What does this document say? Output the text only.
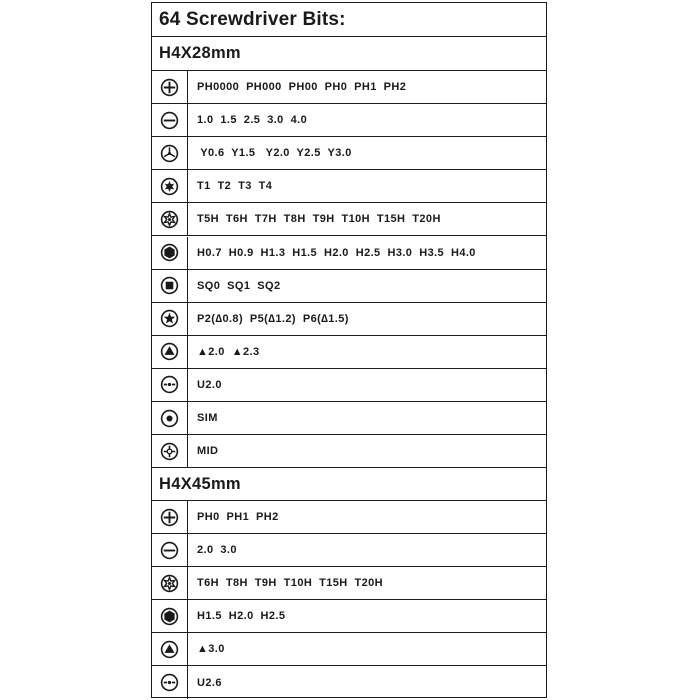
64 Screwdriver Bits:
H4X28mm
H4X45mm
PH0000  PH000  PH00  PH0  PH1  PH2
1.0  1.5  2.5  3.0  4.0
Y0.6  Y1.5   Y2.0  Y2.5  Y3.0
T1  T2  T3  T4
T5H  T6H  T7H  T8H  T9H  T10H  T15H  T20H
H0.7  H0.9  H1.3  H1.5  H2.0  H2.5  H3.0  H3.5  H4.0
SQ0  SQ1  SQ2
P2(∆0.8)  P5(∆1.2)  P6(∆1.5)
▲2.0  ▲2.3
U2.0
SIM
MID
PH0  PH1  PH2
2.0  3.0
T6H  T8H  T9H  T10H  T15H  T20H
H1.5  H2.0  H2.5
▲3.0
U2.6
